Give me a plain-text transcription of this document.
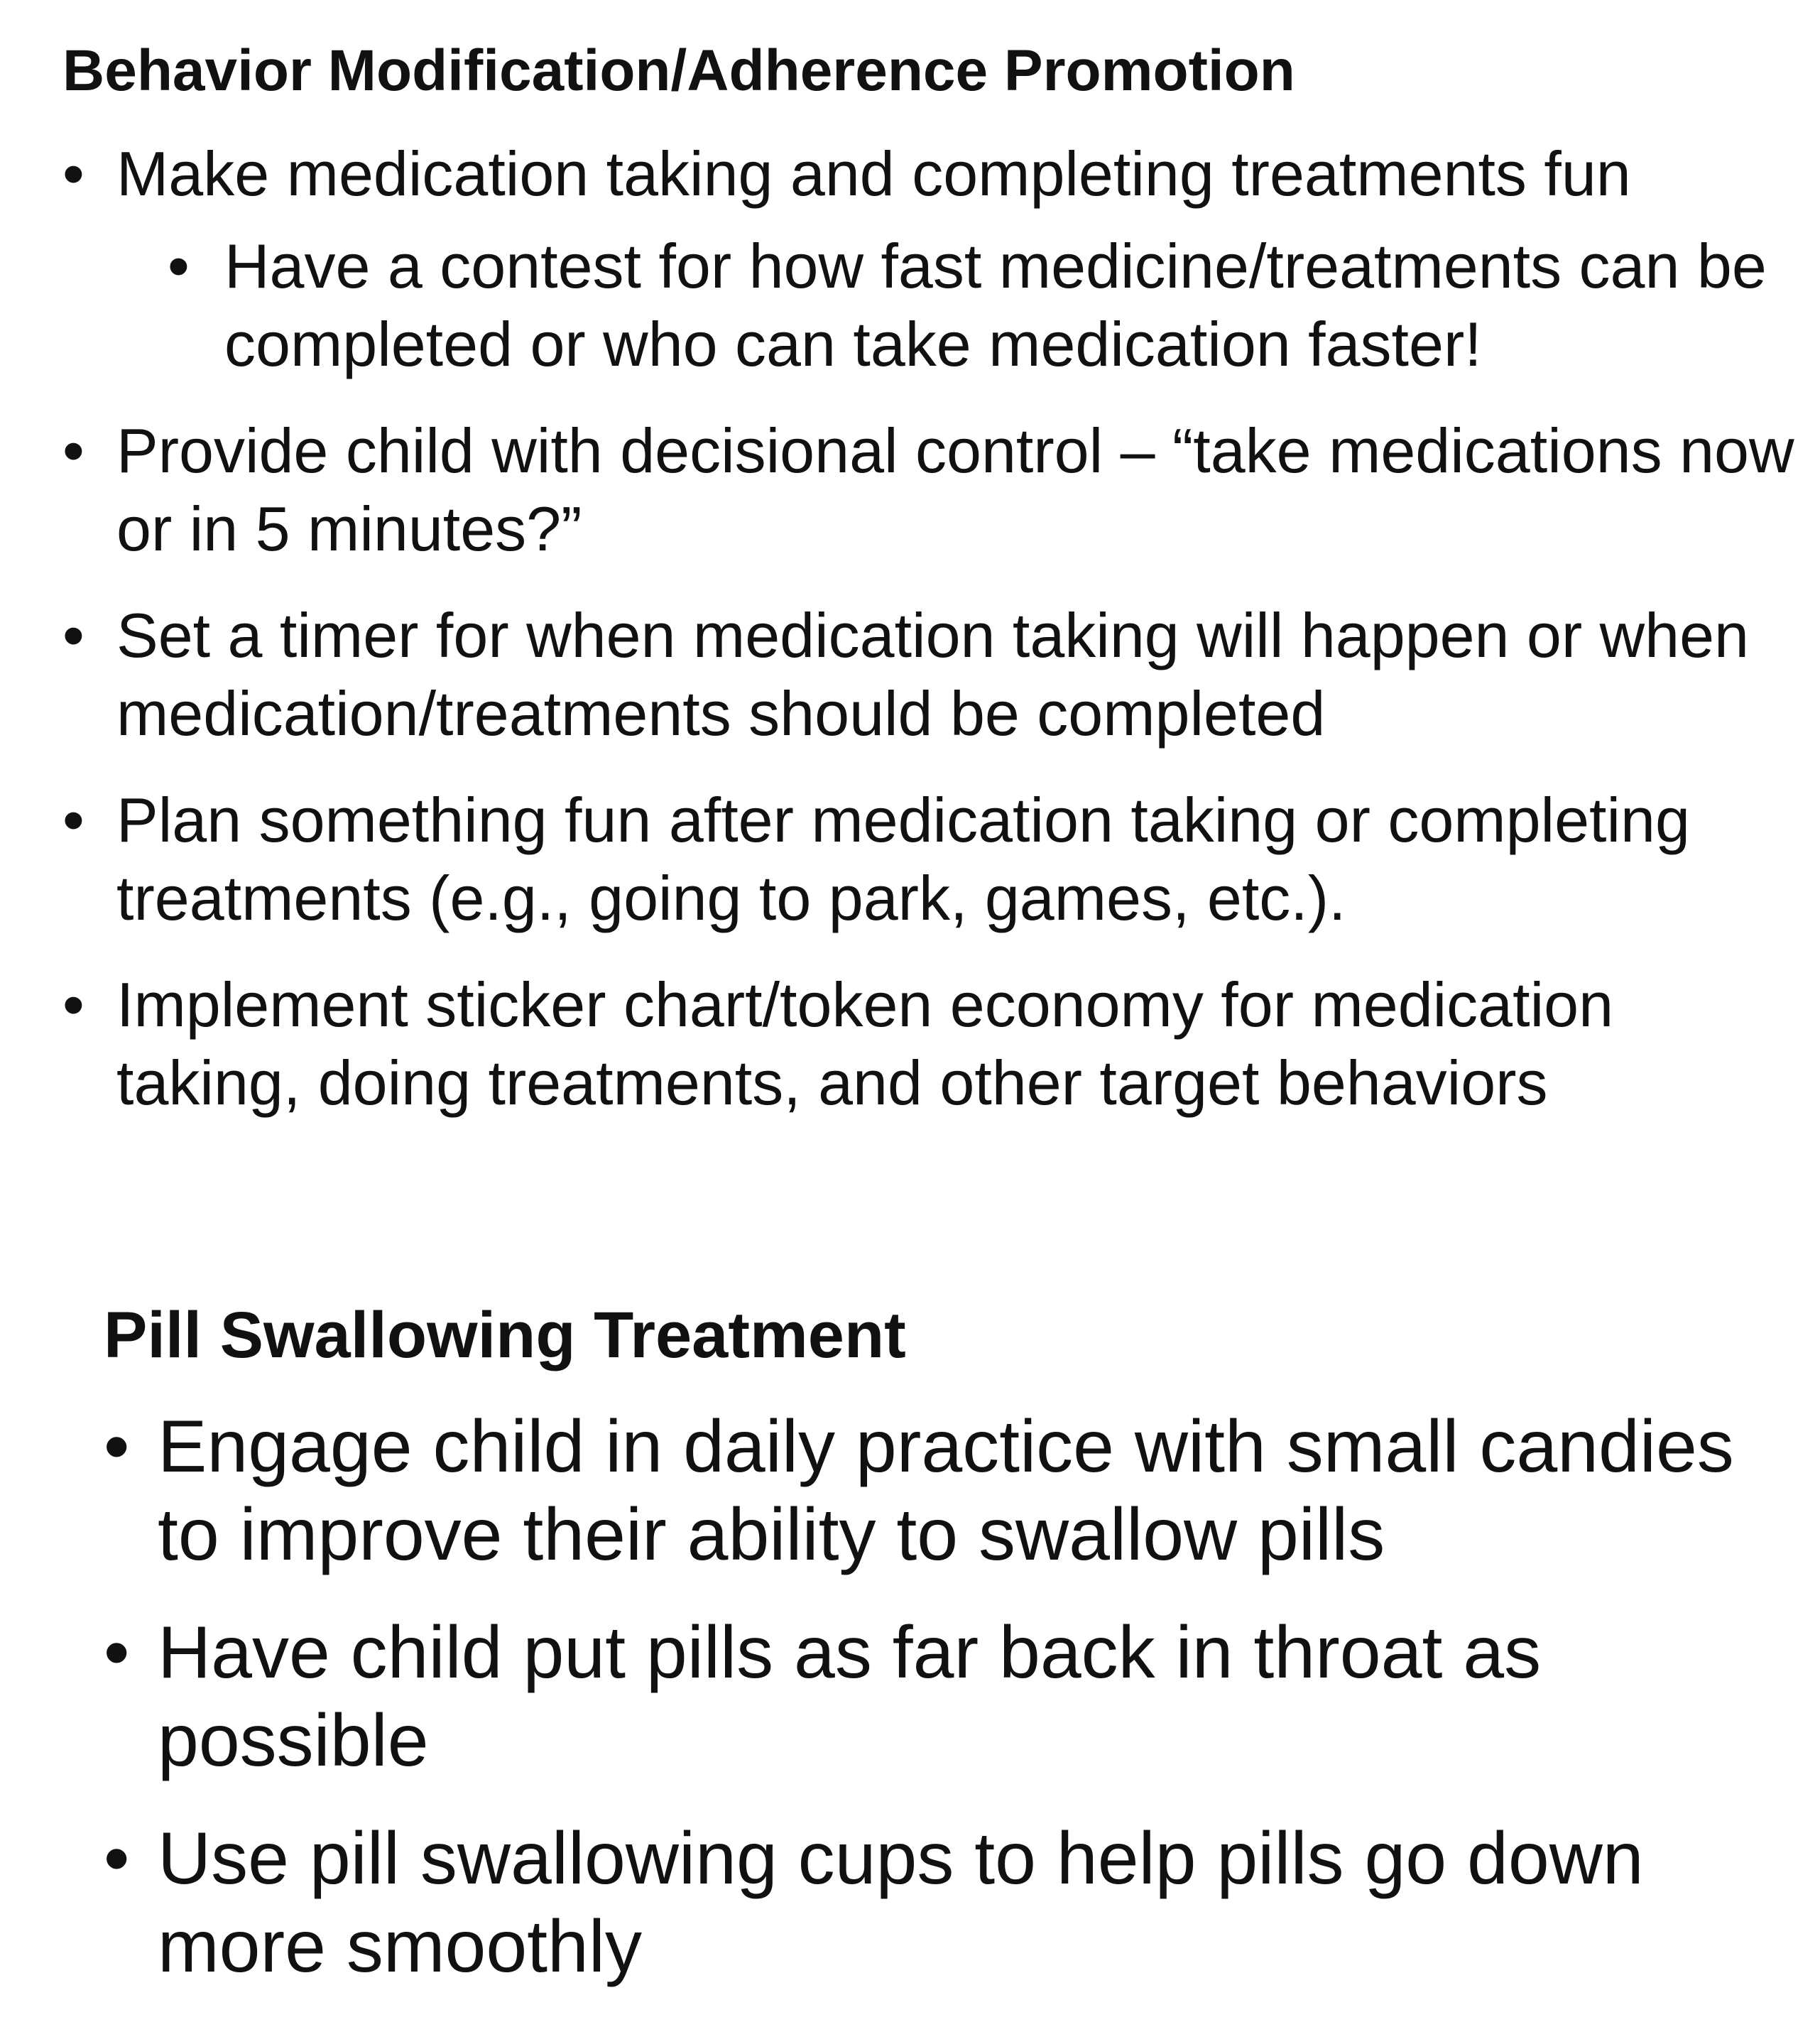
Behavior Modification/Adherence Promotion
• Make medication taking and completing treatments fun
• Have a contest for how fast medicine/treatments can be completed or who can take medication faster!
• Provide child with decisional control – “take medications now or in 5 minutes?”
• Set a timer for when medication taking will happen or when medication/treatments should be completed
• Plan something fun after medication taking or completing treatments (e.g., going to park, games, etc.).
• Implement sticker chart/token economy for medication taking, doing treatments, and other target behaviors
Pill Swallowing Treatment
• Engage child in daily practice with small candies to improve their ability to swallow pills
• Have child put pills as far back in throat as possible
• Use pill swallowing cups to help pills go down more smoothly
